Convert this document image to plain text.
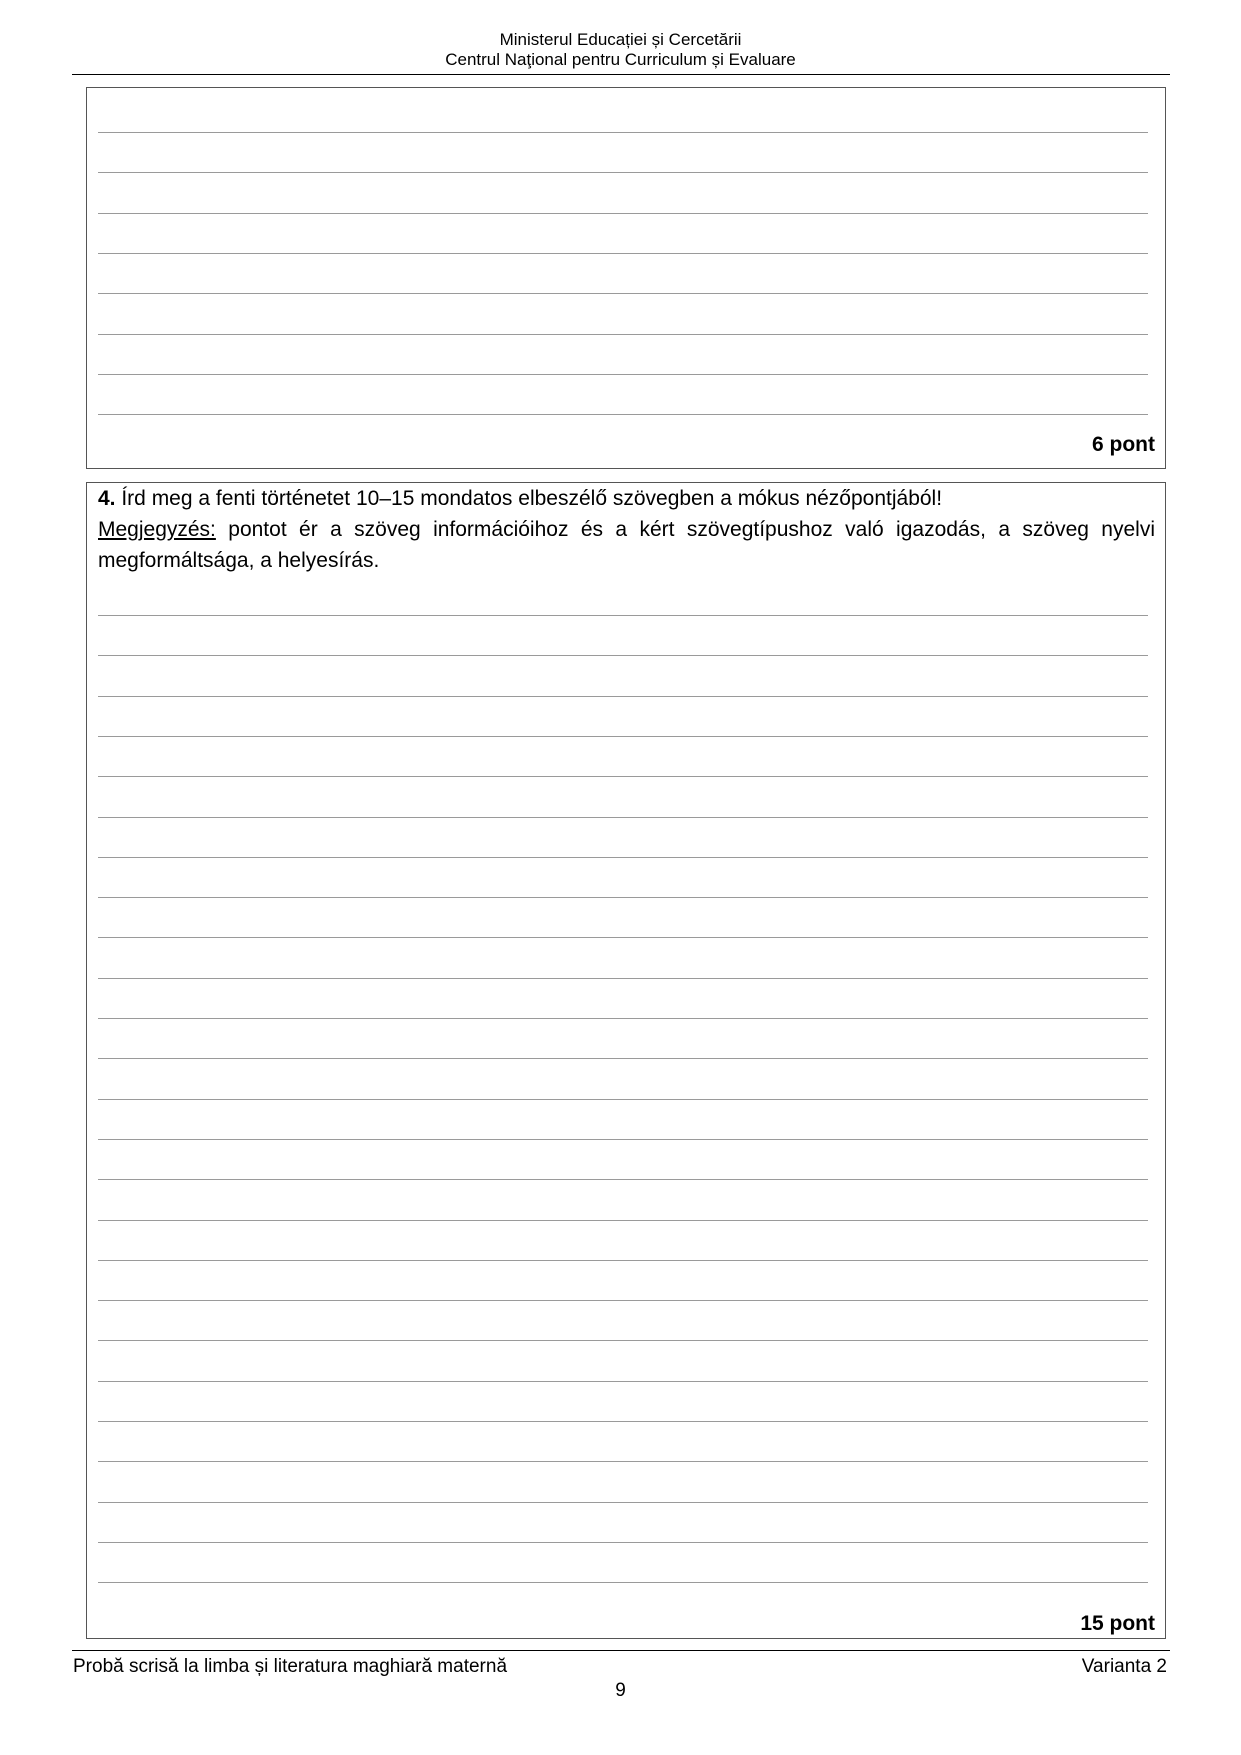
Ministerul Educației și Cercetării
Centrul Naţional pentru Curriculum și Evaluare
6 pont
4. Írd meg a fenti történetet 10–15 mondatos elbeszélő szövegben a mókus nézőpontjából!
Megjegyzés: pontot ér a szöveg információihoz és a kért szövegtípushoz való igazodás, a szöveg nyelvi megformáltsága, a helyesírás.
15 pont
Probă scrisă la limba și literatura maghiară maternă	Varianta 2
9
